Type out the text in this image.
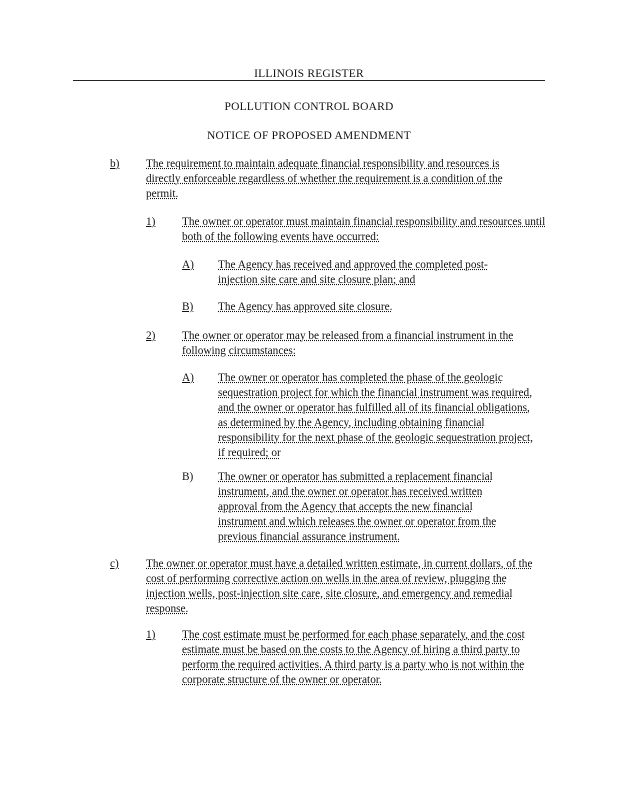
ILLINOIS REGISTER
POLLUTION CONTROL BOARD
NOTICE OF PROPOSED AMENDMENT
b) The requirement to maintain adequate financial responsibility and resources is directly enforceable regardless of whether the requirement is a condition of the permit.
1) The owner or operator must maintain financial responsibility and resources until both of the following events have occurred:
A) The Agency has received and approved the completed post-injection site care and site closure plan; and
B) The Agency has approved site closure.
2) The owner or operator may be released from a financial instrument in the following circumstances:
A) The owner or operator has completed the phase of the geologic sequestration project for which the financial instrument was required, and the owner or operator has fulfilled all of its financial obligations, as determined by the Agency, including obtaining financial responsibility for the next phase of the geologic sequestration project, if required; or
B) The owner or operator has submitted a replacement financial instrument, and the owner or operator has received written approval from the Agency that accepts the new financial instrument and which releases the owner or operator from the previous financial assurance instrument.
c) The owner or operator must have a detailed written estimate, in current dollars, of the cost of performing corrective action on wells in the area of review, plugging the injection wells, post-injection site care, site closure, and emergency and remedial response.
1) The cost estimate must be performed for each phase separately, and the cost estimate must be based on the costs to the Agency of hiring a third party to perform the required activities. A third party is a party who is not within the corporate structure of the owner or operator.
